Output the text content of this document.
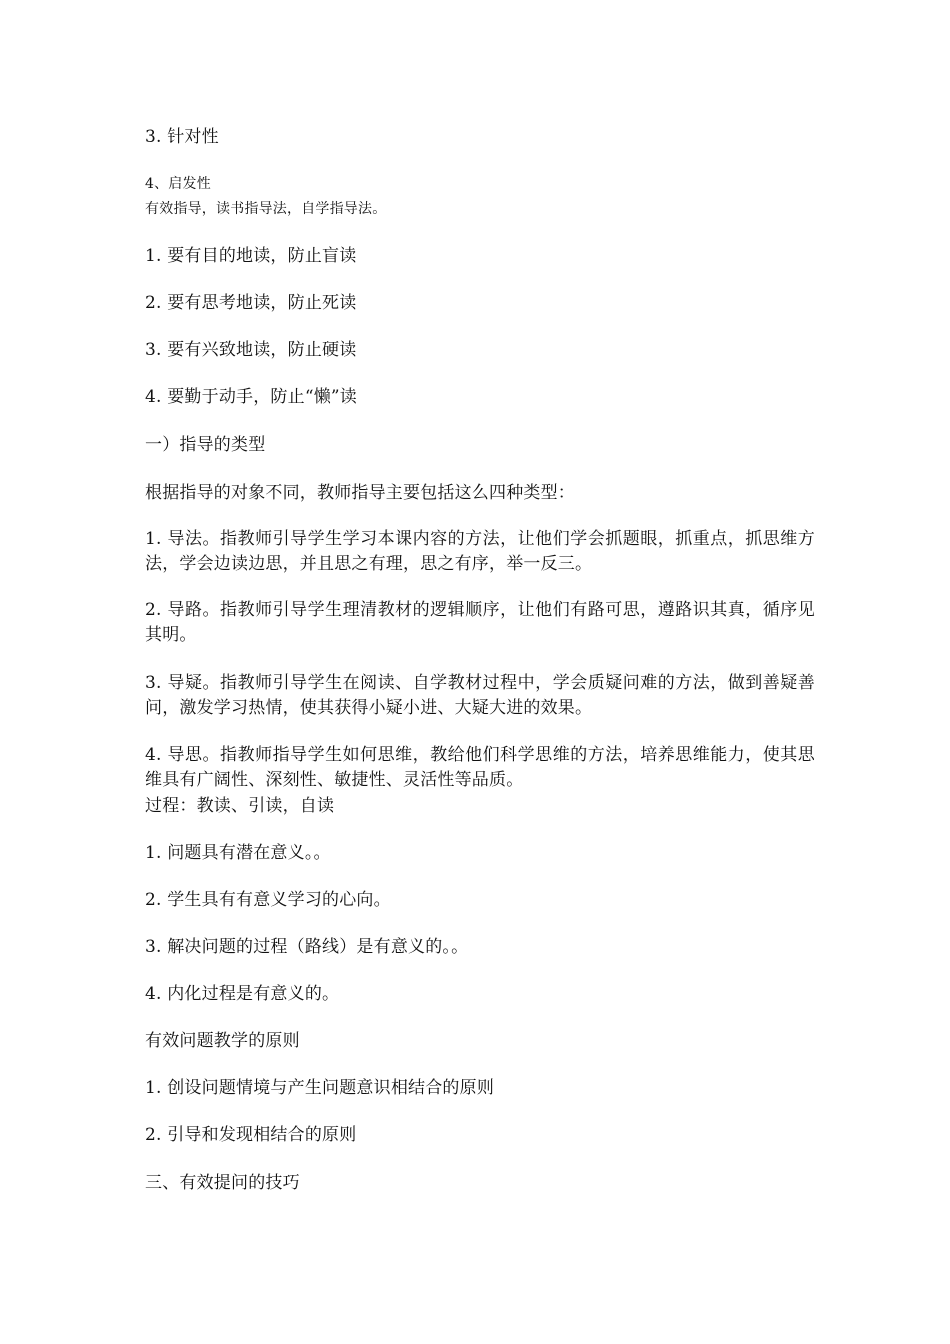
3. 针对性
4、启发性
有效指导，读书指导法，自学指导法。
1. 要有目的地读，防止盲读
2. 要有思考地读，防止死读
3. 要有兴致地读，防止硬读
4. 要勤于动手，防止“懒”读
一）指导的类型
根据指导的对象不同，教师指导主要包括这么四种类型：
1. 导法。指教师引导学生学习本课内容的方法，让他们学会抓题眼，抓重点，抓思维方法，学会边读边思，并且思之有理，思之有序，举一反三。
2. 导路。指教师引导学生理清教材的逻辑顺序，让他们有路可思，遵路识其真，循序见其明。
3. 导疑。指教师引导学生在阅读、自学教材过程中，学会质疑问难的方法，做到善疑善问，激发学习热情，使其获得小疑小进、大疑大进的效果。
4. 导思。指教师指导学生如何思维，教给他们科学思维的方法，培养思维能力，使其思维具有广阔性、深刻性、敏捷性、灵活性等品质。
过程：教读、引读，自读
1. 问题具有潜在意义。。
2. 学生具有有意义学习的心向。
3. 解决问题的过程（路线）是有意义的。。
4. 内化过程是有意义的。
有效问题教学的原则
1. 创设问题情境与产生问题意识相结合的原则
2. 引导和发现相结合的原则
三、有效提问的技巧
